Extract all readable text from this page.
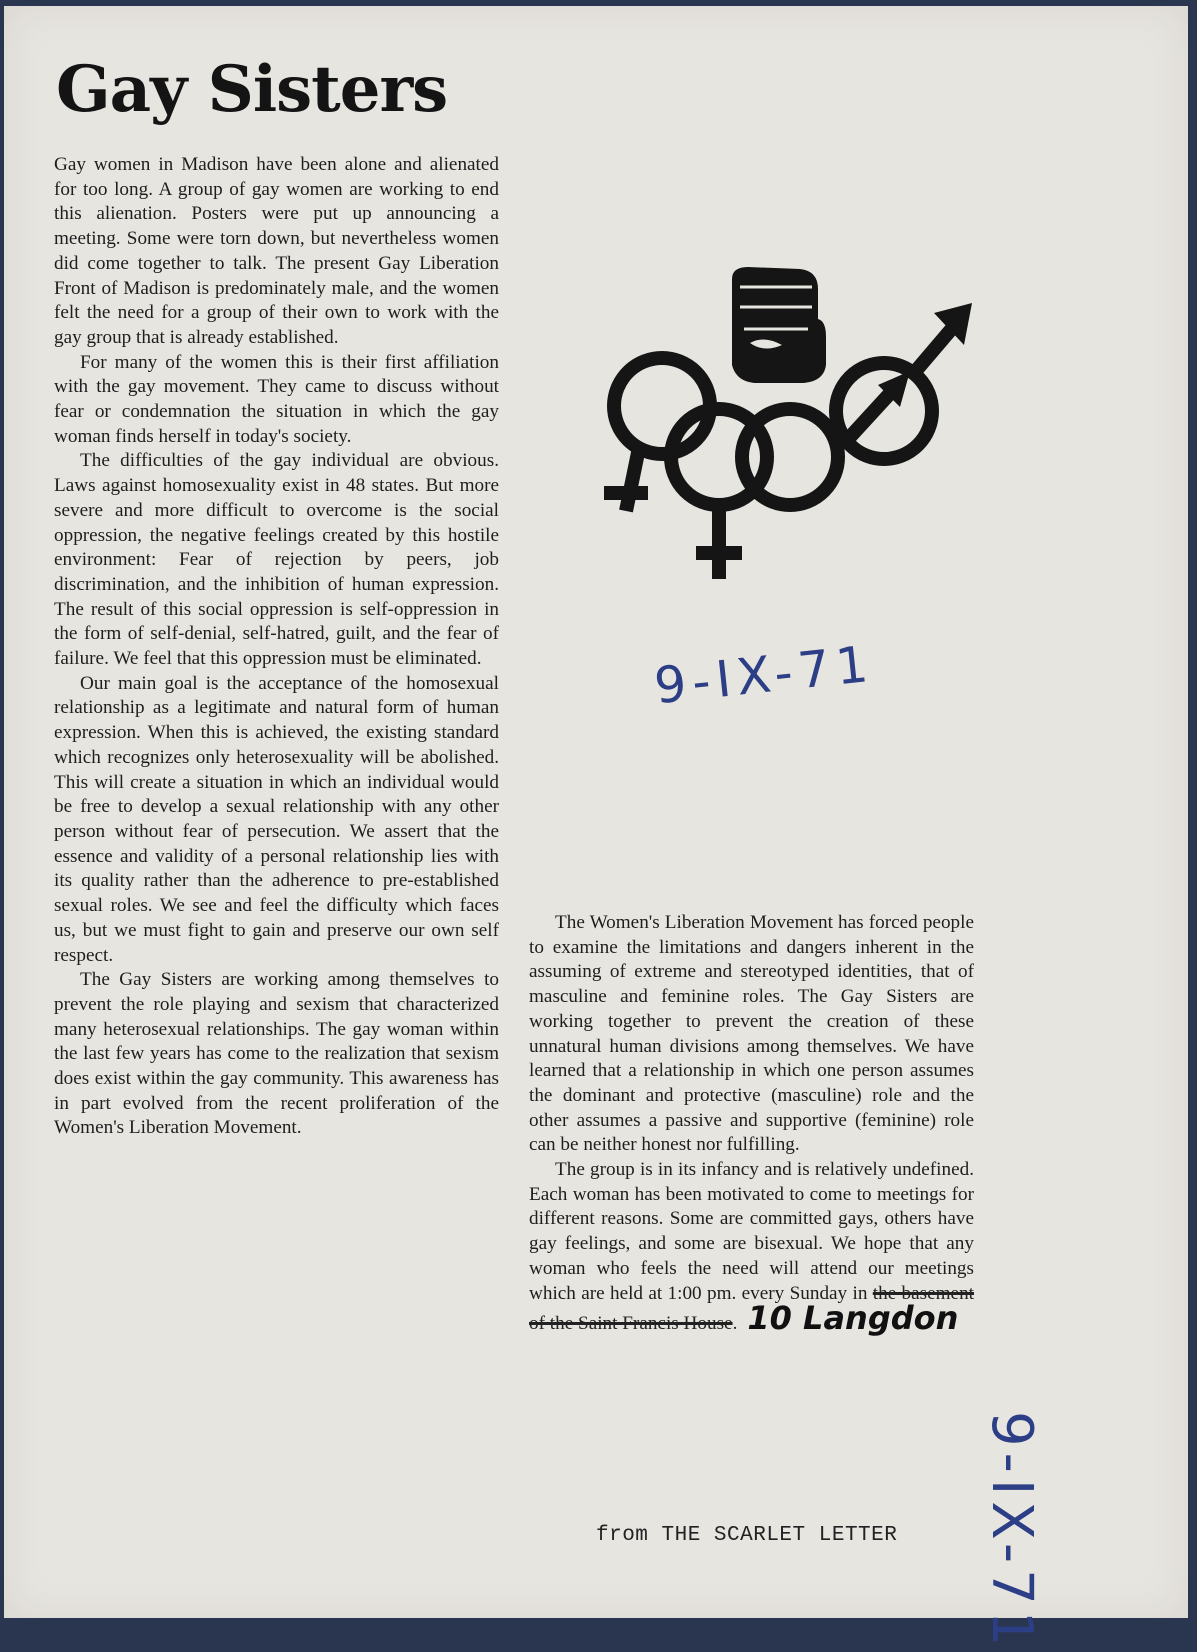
Gay Sisters

Gay women in Madison have been alone and alienated for too long. A group of gay women are working to end this alienation. Posters were put up announcing a meeting. Some were torn down, but nevertheless women did come together to talk. The present Gay Liberation Front of Madison is predominately male, and the women felt the need for a group of their own to work with the gay group that is already established.

For many of the women this is their first affiliation with the gay movement. They came to discuss without fear or condemnation the situation in which the gay woman finds herself in today's society.

The difficulties of the gay individual are obvious. Laws against homosexuality exist in 48 states. But more severe and more difficult to overcome is the social oppression, the negative feelings created by this hostile environment: Fear of rejection by peers, job discrimination, and the inhibition of human expression. The result of this social oppression is self-oppression in the form of self-denial, self-hatred, guilt, and the fear of failure. We feel that this oppression must be eliminated.

Our main goal is the acceptance of the homosexual relationship as a legitimate and natural form of human expression. When this is achieved, the existing standard which recognizes only heterosexuality will be abolished. This will create a situation in which an individual would be free to develop a sexual relationship with any other person without fear of persecution. We assert that the essence and validity of a personal relationship lies with its quality rather than the adherence to pre-established sexual roles. We see and feel the difficulty which faces us, but we must fight to gain and preserve our own self respect.

The Gay Sisters are working among themselves to prevent the role playing and sexism that characterized many heterosexual relationships. The gay woman within the last few years has come to the realization that sexism does exist within the gay community. This awareness has in part evolved from the recent proliferation of the Women's Liberation Movement.

9-IX-71

The Women's Liberation Movement has forced people to examine the limitations and dangers inherent in the assuming of extreme and stereotyped identities, that of masculine and feminine roles. The Gay Sisters are working together to prevent the creation of these unnatural human divisions among themselves. We have learned that a relationship in which one person assumes the dominant and protective (masculine) role and the other assumes a passive and supportive (feminine) role can be neither honest nor fulfilling.

The group is in its infancy and is relatively undefined. Each woman has been motivated to come to meetings for different reasons. Some are committed gays, others have gay feelings, and some are bisexual. We hope that any woman who feels the need will attend our meetings which are held at 1:00 pm. every Sunday in the basement of the Saint Francis House. 10 Langdon

from THE SCARLET LETTER 9-IX-71
